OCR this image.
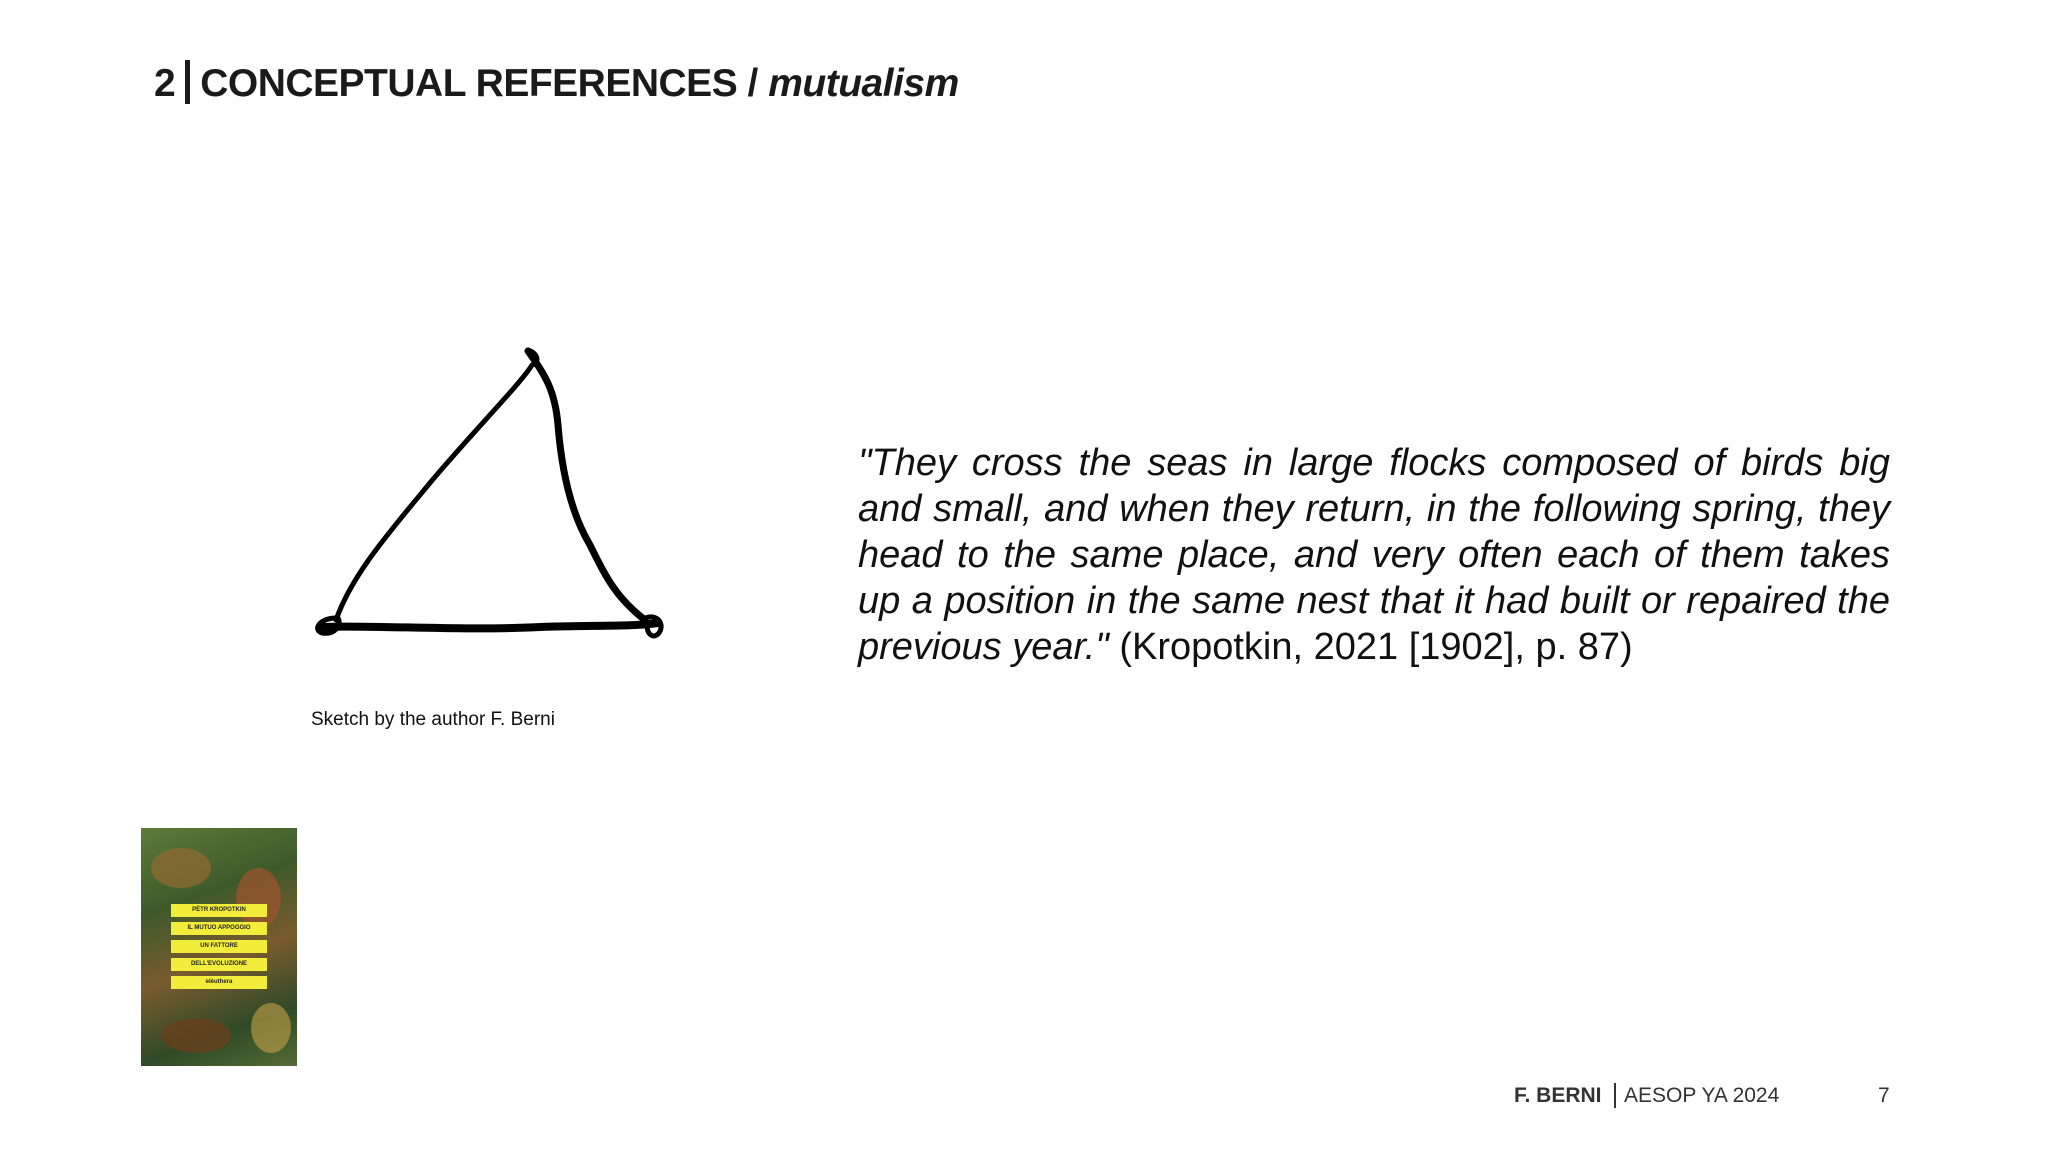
2 CONCEPTUAL REFERENCES / mutualism
Sketch by the author F. Berni
"They cross the seas in large flocks composed of birds big and small, and when they return, in the following spring, they head to the same place, and very often each of them takes up a position in the same nest that it had built or repaired the previous year." (Kropotkin, 2021 [1902], p. 87)
PËTR KROPOTKIN
IL MUTUO APPOGGIO
UN FATTORE
DELL'EVOLUZIONE
elèuthera
F. BERNI AESOP YA 2024	7
